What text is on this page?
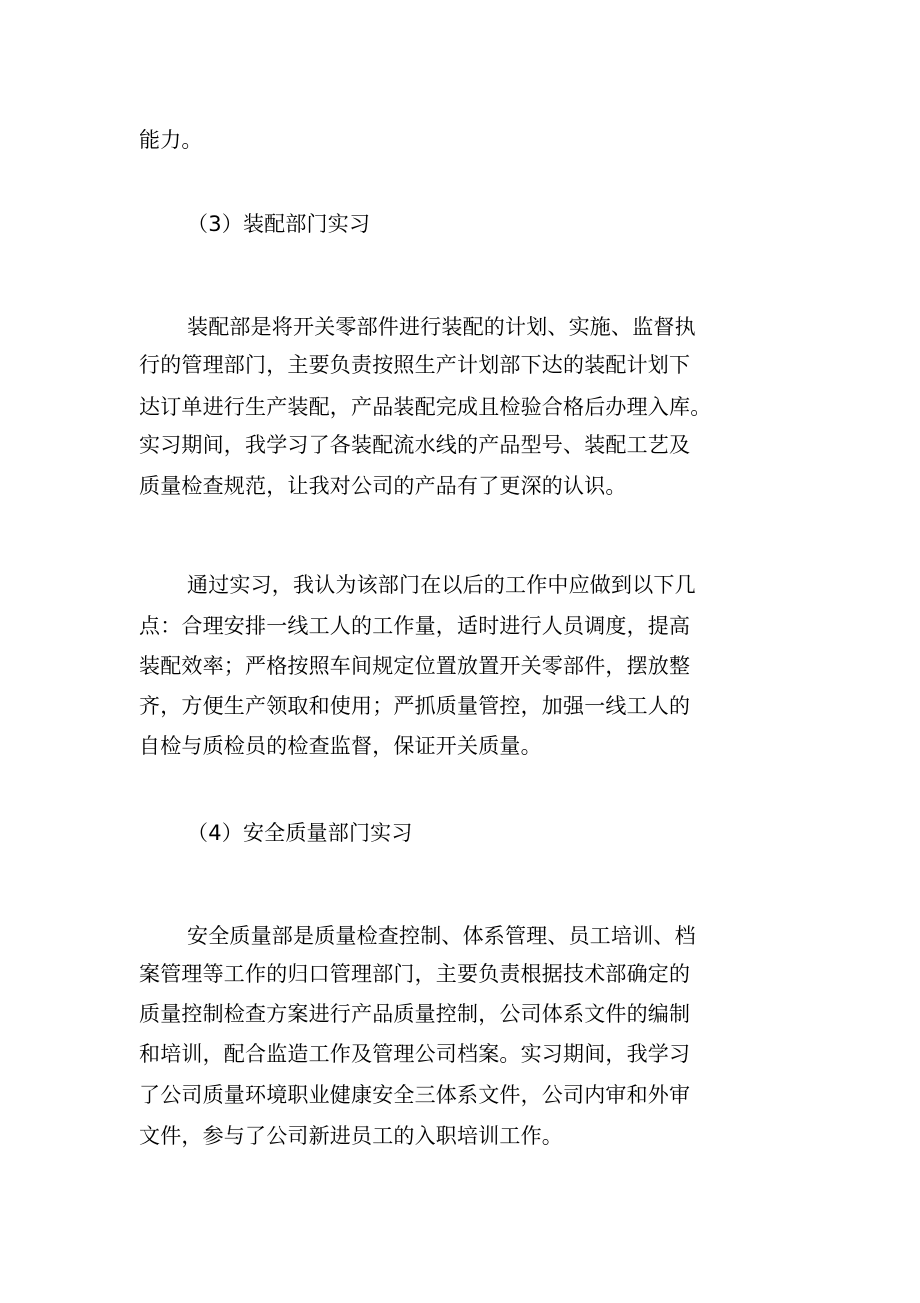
能力。
（3）装配部门实习
装配部是将开关零部件进行装配的计划、实施、监督执
行的管理部门，主要负责按照生产计划部下达的装配计划下
达订单进行生产装配，产品装配完成且检验合格后办理入库。
实习期间，我学习了各装配流水线的产品型号、装配工艺及
质量检查规范，让我对公司的产品有了更深的认识。
通过实习，我认为该部门在以后的工作中应做到以下几
点：合理安排一线工人的工作量，适时进行人员调度，提高
装配效率；严格按照车间规定位置放置开关零部件，摆放整
齐，方便生产领取和使用；严抓质量管控，加强一线工人的
自检与质检员的检查监督，保证开关质量。
（4）安全质量部门实习
安全质量部是质量检查控制、体系管理、员工培训、档
案管理等工作的归口管理部门，主要负责根据技术部确定的
质量控制检查方案进行产品质量控制，公司体系文件的编制
和培训，配合监造工作及管理公司档案。实习期间，我学习
了公司质量环境职业健康安全三体系文件，公司内审和外审
文件，参与了公司新进员工的入职培训工作。
